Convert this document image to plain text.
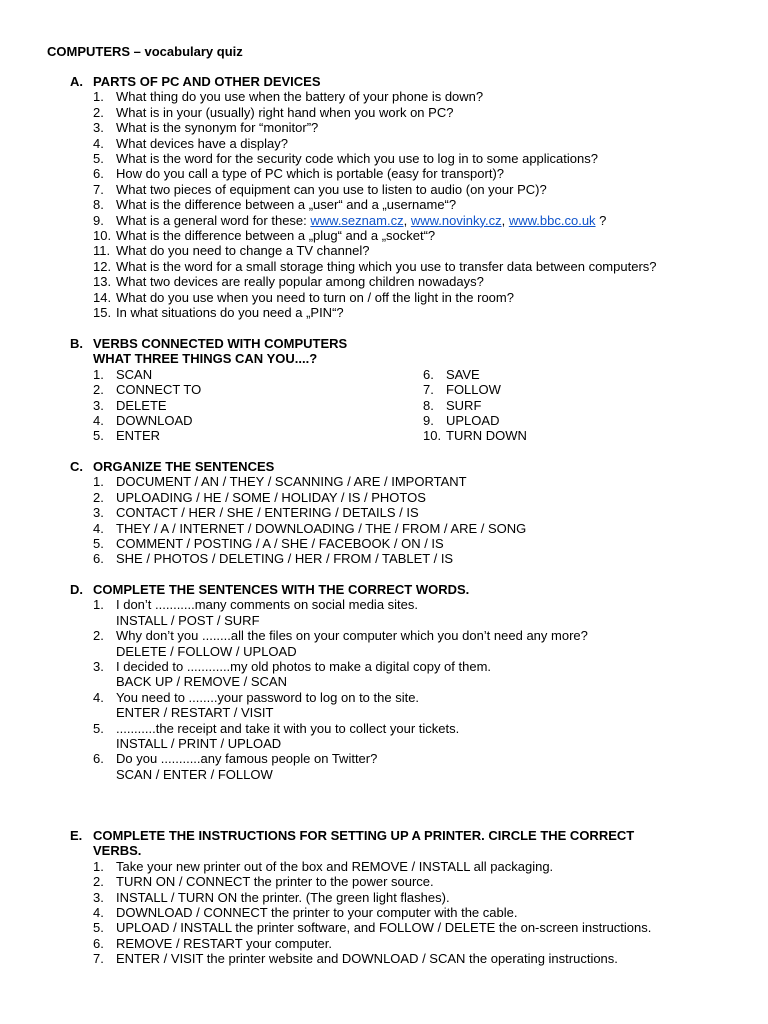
COMPUTERS – vocabulary quiz
A. PARTS OF PC AND OTHER DEVICES
1. What thing do you use when the battery of your phone is down?
2. What is in your (usually) right hand when you work on PC?
3. What is the synonym for “monitor”?
4. What devices have a display?
5. What is the word for the security code which you use to log in to some applications?
6. How do you call a type of PC which is portable (easy for transport)?
7. What two pieces of equipment can you use to listen to audio (on your PC)?
8. What is the difference between a „user“ and a „username“?
9. What is a general word for these: www.seznam.cz, www.novinky.cz, www.bbc.co.uk ?
10. What is the difference between a „plug“ and a „socket“?
11. What do you need to change a TV channel?
12. What is the word for a small storage thing which you use to transfer data between computers?
13. What two devices are really popular among children nowadays?
14. What do you use when you need to turn on / off the light in the room?
15. In what situations do you need a „PIN“?
B. VERBS CONNECTED WITH COMPUTERS
WHAT THREE THINGS CAN YOU....?
1. SCAN
2. CONNECT TO
3. DELETE
4. DOWNLOAD
5. ENTER
6. SAVE
7. FOLLOW
8. SURF
9. UPLOAD
10. TURN DOWN
C. ORGANIZE THE SENTENCES
1. DOCUMENT / AN / THEY / SCANNING / ARE / IMPORTANT
2. UPLOADING / HE / SOME / HOLIDAY / IS / PHOTOS
3. CONTACT / HER / SHE / ENTERING / DETAILS / IS
4. THEY / A / INTERNET / DOWNLOADING / THE / FROM / ARE / SONG
5. COMMENT / POSTING / A / SHE / FACEBOOK / ON / IS
6. SHE / PHOTOS / DELETING / HER / FROM / TABLET / IS
D. COMPLETE THE SENTENCES WITH THE CORRECT WORDS.
1. I don’t ...........many comments on social media sites.
INSTALL / POST / SURF
2. Why don’t you ........all the files on your computer which you don’t need any more?
DELETE / FOLLOW / UPLOAD
3. I decided to ............my old photos to make a digital copy of them.
BACK UP / REMOVE / SCAN
4. You need to ........your password to log on to the site.
ENTER / RESTART / VISIT
5. ...........the receipt and take it with you to collect your tickets.
INSTALL / PRINT / UPLOAD
6. Do you ...........any famous people on Twitter?
SCAN / ENTER / FOLLOW
E. COMPLETE THE INSTRUCTIONS FOR SETTING UP A PRINTER. CIRCLE THE CORRECT
VERBS.
1. Take your new printer out of the box and REMOVE / INSTALL all packaging.
2. TURN ON / CONNECT the printer to the power source.
3. INSTALL / TURN ON the printer. (The green light flashes).
4. DOWNLOAD / CONNECT the printer to your computer with the cable.
5. UPLOAD / INSTALL the printer software, and FOLLOW / DELETE the on-screen instructions.
6. REMOVE / RESTART your computer.
7. ENTER / VISIT the printer website and DOWNLOAD / SCAN the operating instructions.
